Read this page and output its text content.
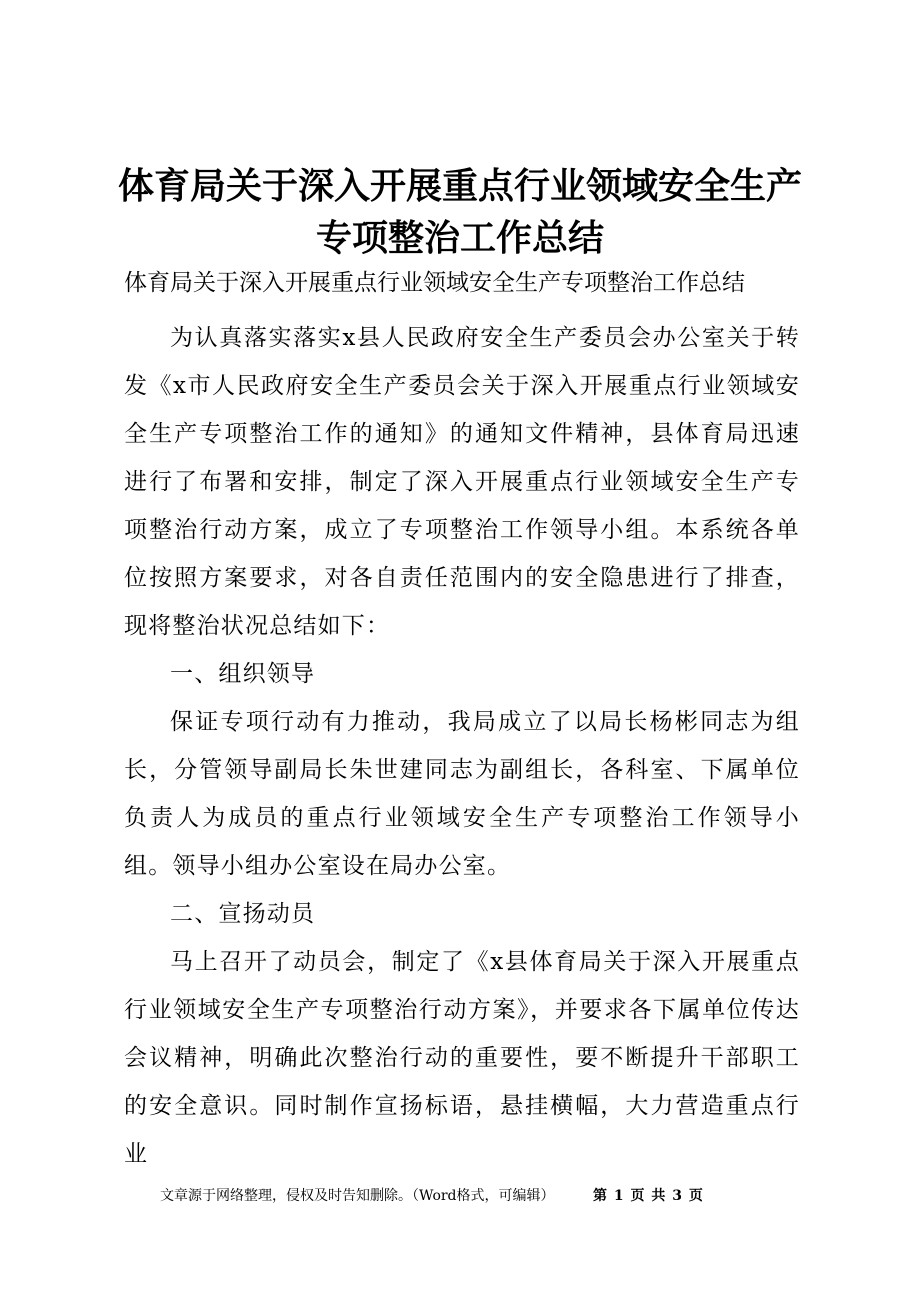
体育局关于深入开展重点行业领域安全生产专项整治工作总结

体育局关于深入开展重点行业领域安全生产专项整治工作总结

为认真落实落实x县人民政府安全生产委员会办公室关于转发《x市人民政府安全生产委员会关于深入开展重点行业领域安全生产专项整治工作的通知》的通知文件精神，县体育局迅速进行了布署和安排，制定了深入开展重点行业领域安全生产专项整治行动方案，成立了专项整治工作领导小组。本系统各单位按照方案要求，对各自责任范围内的安全隐患进行了排查，现将整治状况总结如下：

一、组织领导

保证专项行动有力推动，我局成立了以局长杨彬同志为组长，分管领导副局长朱世建同志为副组长，各科室、下属单位负责人为成员的重点行业领域安全生产专项整治工作领导小组。领导小组办公室设在局办公室。

二、宣扬动员

马上召开了动员会，制定了《x县体育局关于深入开展重点行业领域安全生产专项整治行动方案》，并要求各下属单位传达会议精神，明确此次整治行动的重要性，要不断提升干部职工的安全意识。同时制作宣扬标语，悬挂横幅，大力营造重点行业

文章源于网络整理，侵权及时告知删除。（Word格式，可编辑）	第 1 页 共 3 页
